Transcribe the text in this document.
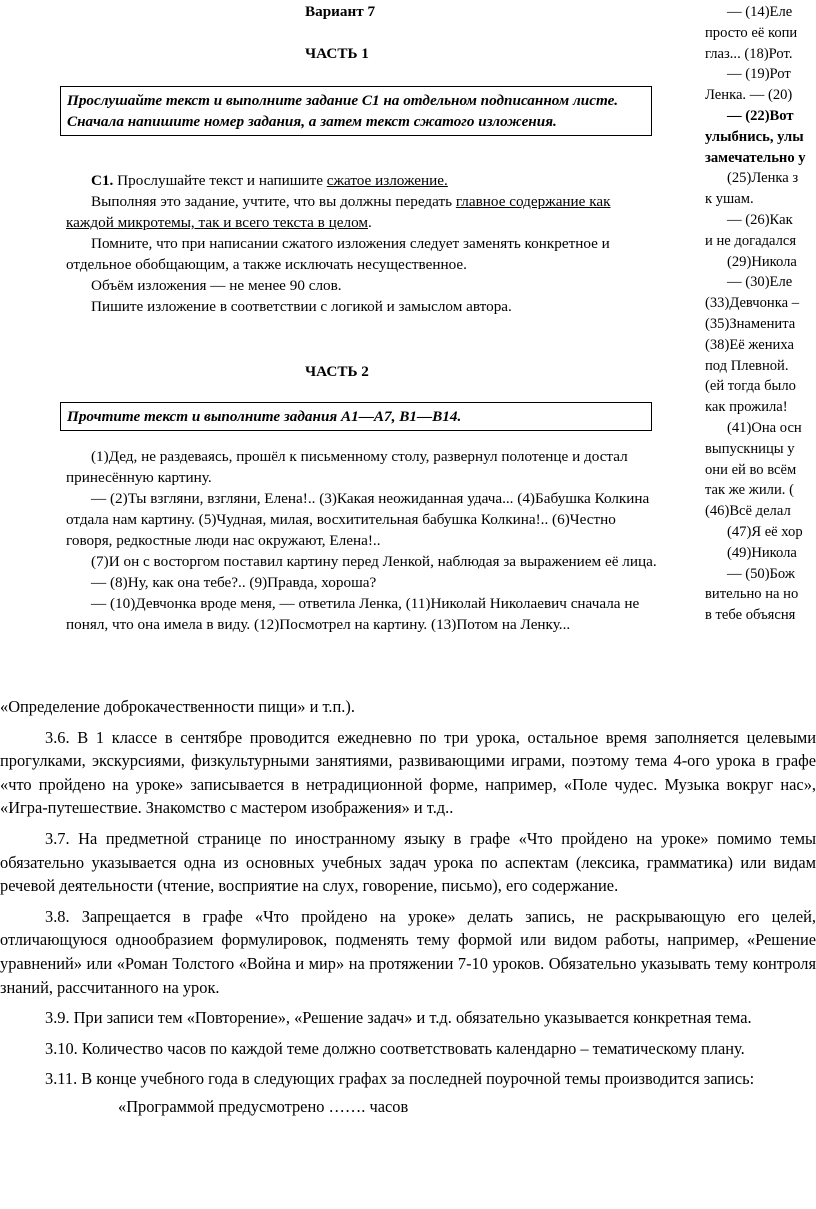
Вариант 7
ЧАСТЬ 1
Прослушайте текст и выполните задание С1 на отдельном подписанном листе. Сначала напишите номер задания, а затем текст сжатого изложения.

С1. Прослушайте текст и напишите сжатое изложение.

Выполняя это задание, учтите, что вы должны передать главное содержание как каждой микротемы, так и всего текста в целом.

Помните, что при написании сжатого изложения следует заменять конкретное и отдельное обобщающим, а также исключать несущественное.

Объём изложения — не менее 90 слов.

Пишите изложение в соответствии с логикой и замыслом автора.

ЧАСТЬ 2
Прочтите текст и выполните задания А1—А7, В1—В14.

(1)Дед, не раздеваясь, прошёл к письменному столу, развернул полотенце и достал принесённую картину.

— (2)Ты взгляни, взгляни, Елена!.. (3)Какая неожиданная удача... (4)Бабушка Колкина отдала нам картину. (5)Чудная, милая, восхитительная бабушка Колкина!.. (6)Честно говоря, редкостные люди нас окружают, Елена!..

(7)И он с восторгом поставил картину перед Ленкой, наблюдая за выражением её лица.

— (8)Ну, как она тебе?.. (9)Правда, хороша?

— (10)Девчонка вроде меня, — ответила Ленка, (11)Николай Николаевич сначала не понял, что она имела в виду. (12)Посмотрел на картину. (13)Потом на Ленку...

— (14)Еле
просто её копи
глаз... (18)Рот.
— (19)Рот
Ленка. — (20)
— (22)Вот
улыбнись, улы
замечательно у
(25)Ленка з
к ушам.
— (26)Как
и не догадался
(29)Никола
— (30)Еле
(33)Девчонка –
(35)Знаменита
(38)Её жениха
под Плевной.
(ей тогда было
как прожила!
(41)Она осн
выпускницы у
они ей во всём
так же жили. (
(46)Всё делал
(47)Я её хор
(49)Никола
— (50)Бож
вительно на но
в тебе объясня

«Определение доброкачественности пищи» и т.п.).

3.6. В 1 классе в сентябре проводится ежедневно по три урока, остальное время заполняется целевыми прогулками, экскурсиями, физкультурными занятиями, развивающими играми, поэтому тема 4-ого урока в графе «что пройдено на уроке» записывается в нетрадиционной форме, например, «Поле чудес. Музыка вокруг нас», «Игра-путешествие. Знакомство с мастером изображения» и т.д..

3.7. На предметной странице по иностранному языку в графе «Что пройдено на уроке» помимо темы обязательно указывается одна из основных учебных задач урока по аспектам (лексика, грамматика) или видам речевой деятельности (чтение, восприятие на слух, говорение, письмо), его содержание.

3.8. Запрещается в графе «Что пройдено на уроке» делать запись, не раскрывающую его целей, отличающуюся однообразием формулировок, подменять тему формой или видом работы, например, «Решение уравнений» или «Роман Толстого «Война и мир» на протяжении 7-10 уроков. Обязательно указывать тему контроля знаний, рассчитанного на урок.

3.9. При записи тем «Повторение», «Решение задач» и т.д. обязательно указывается конкретная тема.

3.10. Количество часов по каждой теме должно соответствовать календарно – тематическому плану.

3.11. В конце учебного года в следующих графах за последней поурочной темы производится запись:

«Программой предусмотрено ……. часов
